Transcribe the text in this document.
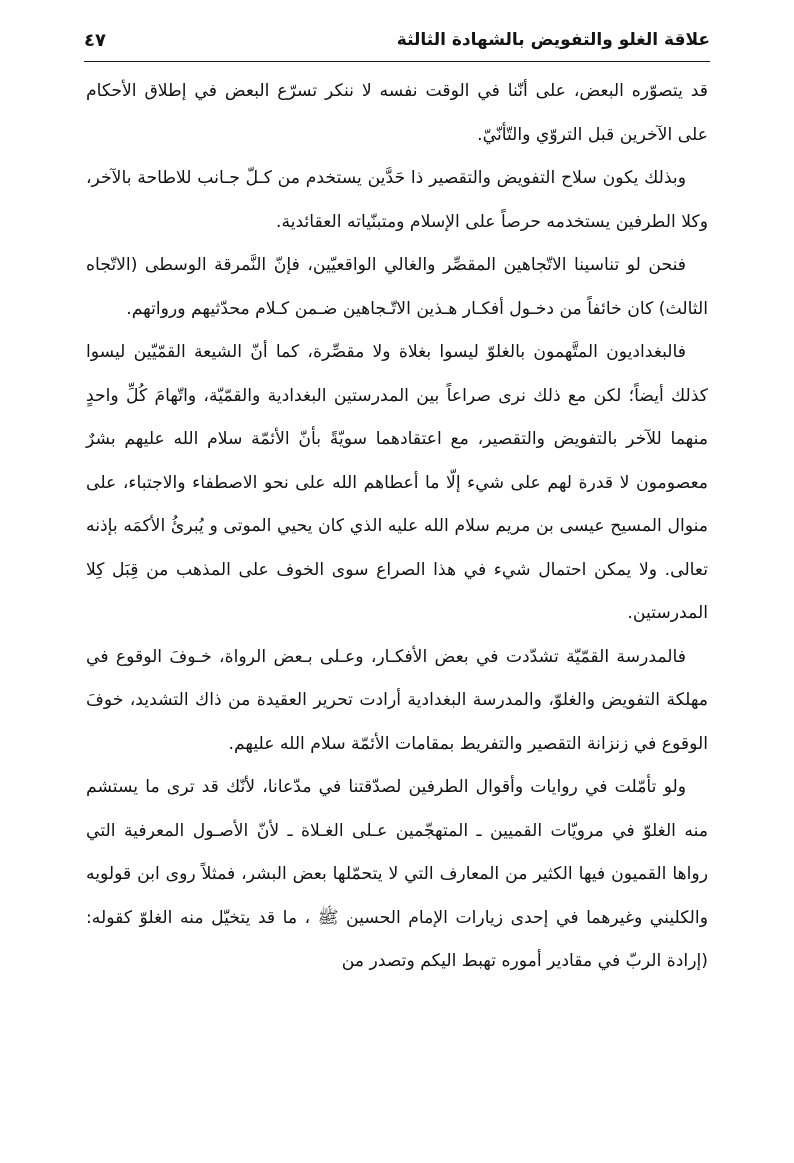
علاقة الغلو والتفويض بالشهادة الثالثة
٤٧

قد يتصوّره البعض، على أنّنا في الوقت نفسه لا ننكر تسرّع البعض في إطلاق الأحكام على الآخرين قبل التروّي والتّأنّيّ.

وبذلك يكون سلاح التفويض والتقصير ذا حَدَّين يستخدم من كـلّ جـانب للاطاحة بالآخر، وكلا الطرفين يستخدمه حرصاً على الإسلام ومتبنّياته العقائدية.

فنحن لو تناسينا الاتّجاهين المقصِّر والغالي الواقعيّين، فإنّ النَّمرقة الوسطى (الاتّجاه الثالث) كان خائفاً من دخـول أفكـار هـذين الاتّـجاهين ضـمن كـلام محدّثيهم ورواتهم.

فالبغداديون المتَّهمون بالغلوّ ليسوا بغلاة ولا مقصِّرة، كما أنّ الشيعة القمّيّين ليسوا كذلك أيضاً؛ لكن مع ذلك نرى صراعاً بين المدرستين البغدادية والقمّيّة، واتّهامَ كُلِّ واحدٍ منهما للآخر بالتفويض والتقصير، مع اعتقادهما سويّةً بأنّ الأئمّة سلام الله عليهم بشرٌ معصومون لا قدرة لهم على شيء إلّا ما أعطاهم الله على نحو الاصطفاء والاجتباء، على منوال المسيح عيسى بن مريم سلام الله عليه الذي كان يحيي الموتى و يُبرئُ الأكمَه بإذنه تعالى. ولا يمكن احتمال شيء في هذا الصراع سوى الخوف على المذهب من قِبَل كِلا المدرستين.

فالمدرسة القمّيّة تشدّدت في بعض الأفكـار، وعـلى بـعض الرواة، خـوفَ الوقوع في مهلكة التفويض والغلوّ، والمدرسة البغدادية أرادت تحرير العقيدة من ذاك التشديد، خوفَ الوقوع في زنزانة التقصير والتفريط بمقامات الأئمّة سلام الله عليهم.

ولو تأمّلت في روايات وأقوال الطرفين لصدّقتنا في مدّعانا، لأنّك قد ترى ما يستشم منه الغلوّ في مرويّات القميين ـ المتهجّمين عـلى الغـلاة ـ لأنّ الأصـول المعرفية التي رواها القميون فيها الكثير من المعارف التي لا يتحمّلها بعض البشر، فمثلاً روى ابن قولويه والكليني وغيرهما في إحدى زيارات الإمام الحسين ﷺ ، ما قد يتخيّل منه الغلوّ كقوله: (إرادة الربّ في مقادير أموره تهبط اليكم وتصدر من
